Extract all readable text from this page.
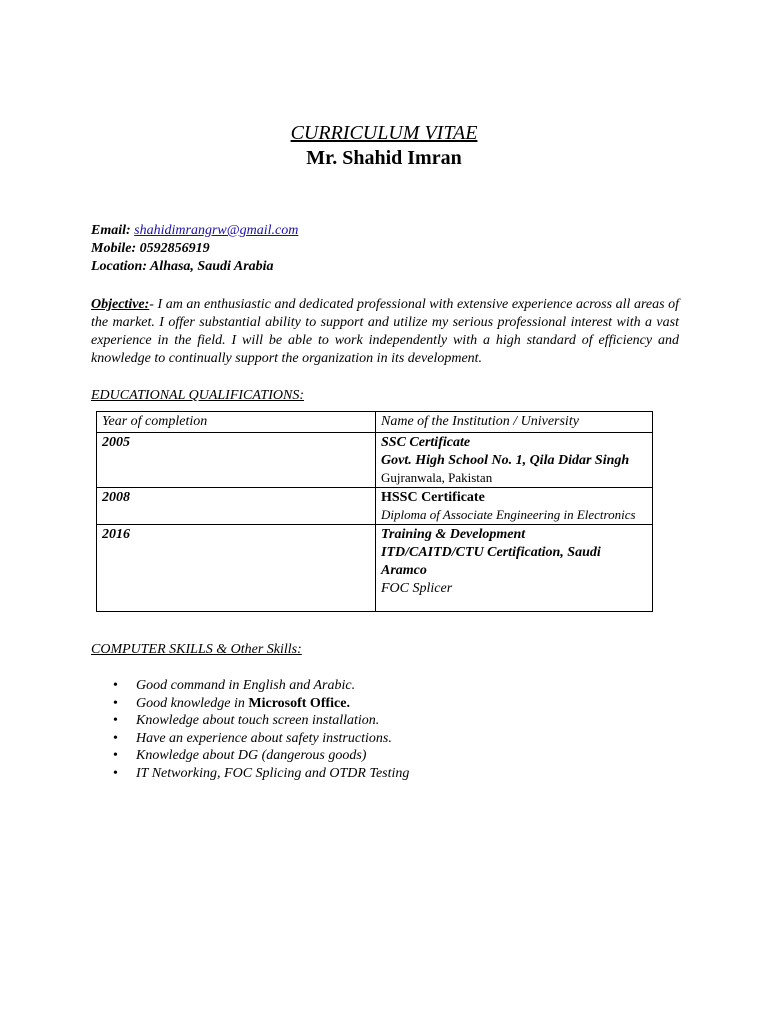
CURRICULUM VITAE
Mr. Shahid Imran
Email: shahidimrangrw@gmail.com
Mobile: 0592856919
Location: Alhasa, Saudi Arabia
Objective:- I am an enthusiastic and dedicated professional with extensive experience across all areas of the market. I offer substantial ability to support and utilize my serious professional interest with a vast experience in the field. I will be able to work independently with a high standard of efficiency and knowledge to continually support the organization in its development.
EDUCATIONAL QUALIFICATIONS:
Year of completion	Name of the Institution / University
2005	SSC Certificate
Govt. High School No. 1, Qila Didar Singh
Gujranwala, Pakistan

2008	HSSC Certificate
Diploma of Associate Engineering in Electronics

2016	Training & Development
ITD/CAITD/CTU Certification, Saudi Aramco
FOC Splicer
COMPUTER SKILLS & Other Skills:
• Good command in English and Arabic.
• Good knowledge in Microsoft Office.
• Knowledge about touch screen installation.
• Have an experience about safety instructions.
• Knowledge about DG (dangerous goods)
• IT Networking, FOC Splicing and OTDR Testing
